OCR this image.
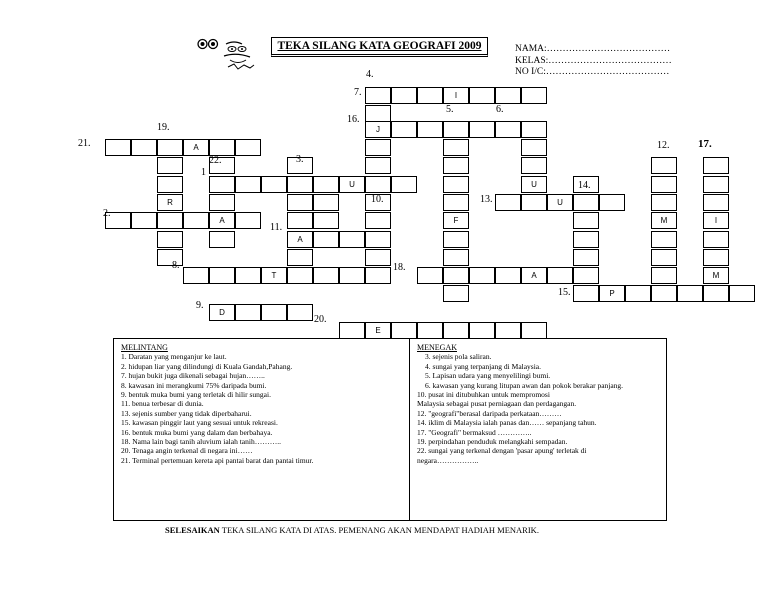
TEKA SILANG KATA GEOGRAFI 2009	NAMA:…………………………………
KELAS:…………………………………
NO I/C:…………………………………
I
J
A
U	U
R	U
A	F	M	I
A
T	A	M
P
D
E
1
2.
3.
4.
5.	6.
7.
8.
9.
10.
11.
12.
13.
14.
15.
16.
17.
18.
19.
20.
21.
22.
MELINTANG
1. Daratan yang menganjur ke laut.
2. hidupan liar yang dilindungi di Kuala Gandah,Pahang.
7. hujan bukit juga dikenali sebagai hujan……..
8. kawasan ini merangkumi 75% daripada bumi.
9. bentuk muka bumi yang terletak di hilir sungai.
11. benua terbesar di dunia.
13. sejenis sumber yang tidak diperbaharui.
15. kawasan pinggir laut yang sesuai untuk rekreasi.
16. bentuk muka bumi yang dalam dan berbahaya.
18. Nama lain bagi tanih aluvium ialah tanih………..
20. Tenaga angin terkenal di negara ini……
21. Terminal pertemuan kereta api pantai barat dan pantai timur.
MENEGAK
3. sejenis pola saliran.
4. sungai yang terpanjang di Malaysia.
5. Lapisan udara yang menyelilingi bumi.
6. kawasan yang kurang litupan awan dan pokok berakar panjang.
10. pusat ini ditubuhkan untuk mempromosi
Malaysia sebagai pusat perniagaan dan perdagangan.
12. "geografi"berasal daripada perkataan………
14. iklim di Malaysia ialah panas dan…… sepanjang tahun.
17. "Geografi" bermaksud …………..
19. perpindahan penduduk melangkahi sempadan.
22. sungai yang terkenal dengan 'pasar apung' terletak di
negara……………..
SELESAIKAN TEKA SILANG KATA DI ATAS. PEMENANG AKAN MENDAPAT HADIAH MENARIK.
